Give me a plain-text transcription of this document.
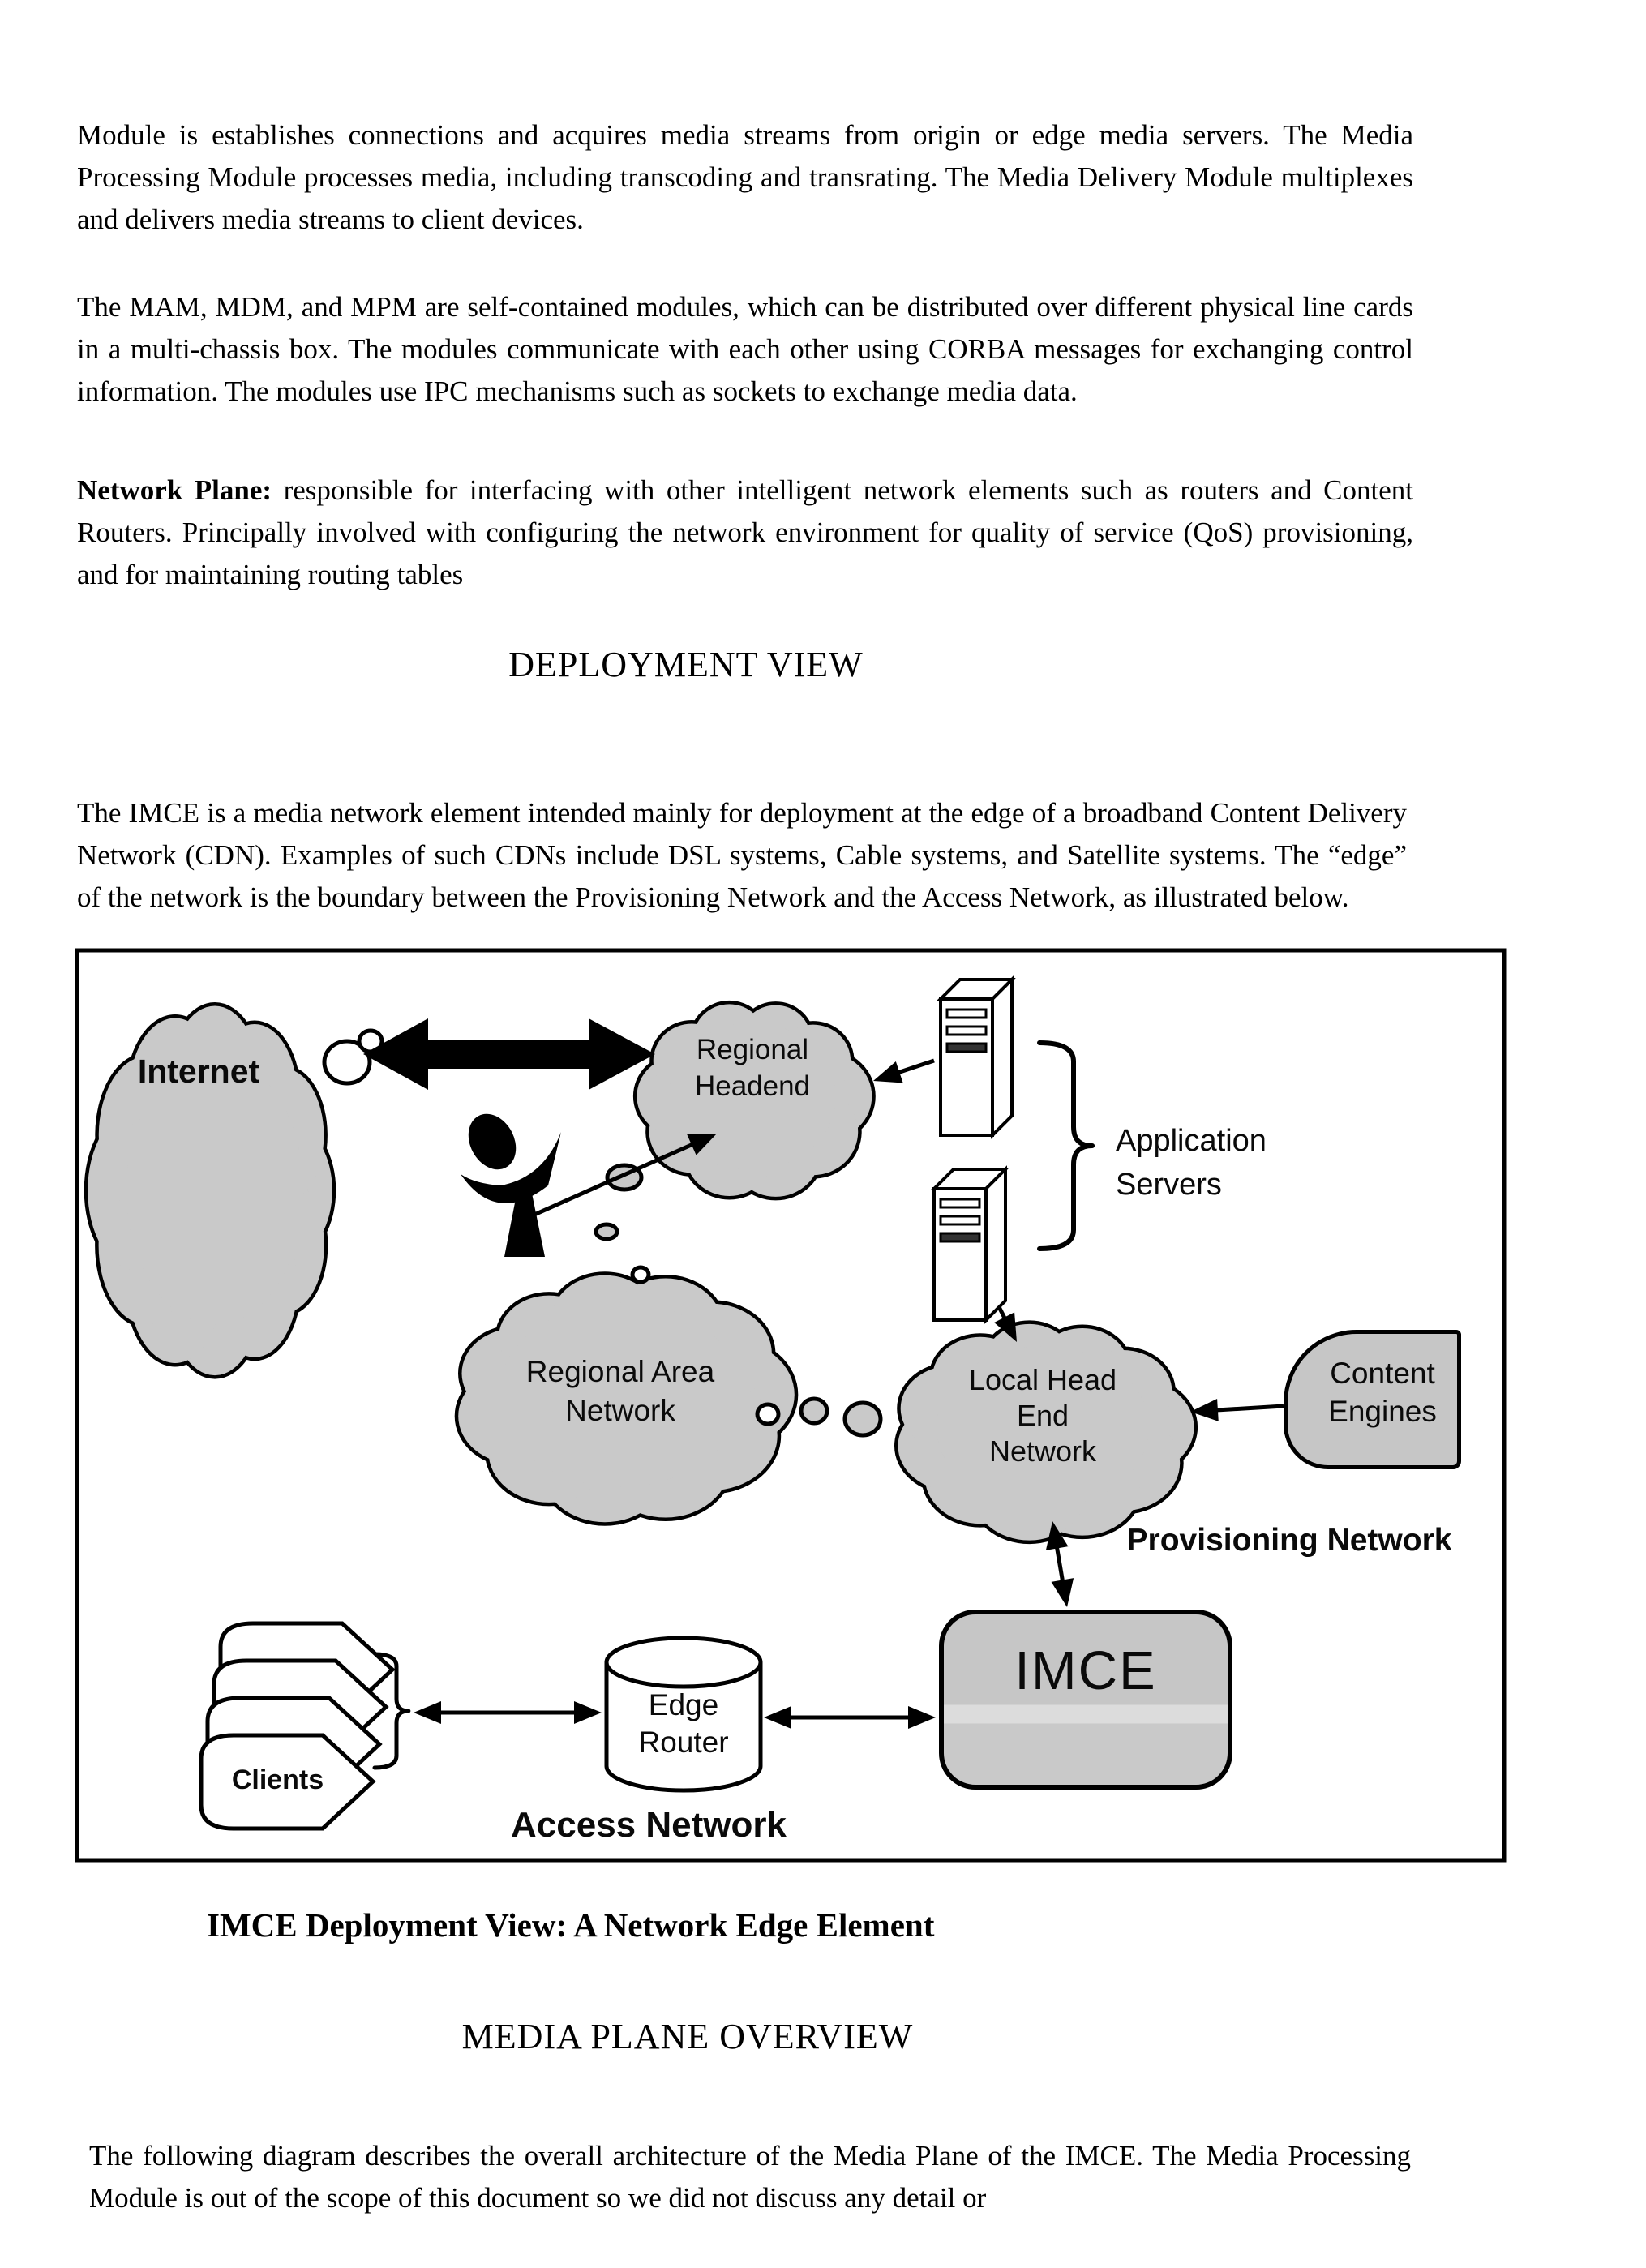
Module is establishes connections and acquires media streams from origin or edge media servers. The Media Processing Module processes media, including transcoding and transrating. The Media Delivery Module multiplexes and delivers media streams to client devices.

The MAM, MDM, and MPM are self-contained modules, which can be distributed over different physical line cards in a multi-chassis box. The modules communicate with each other using CORBA messages for exchanging control information. The modules use IPC mechanisms such as sockets to exchange media data.

Network Plane: responsible for interfacing with other intelligent network elements such as routers and Content Routers. Principally involved with configuring the network environment for quality of service (QoS) provisioning, and for maintaining routing tables

DEPLOYMENT VIEW

The IMCE is a media network element intended mainly for deployment at the edge of a broadband Content Delivery Network (CDN). Examples of such CDNs include DSL systems, Cable systems, and Satellite systems. The “edge” of the network is the boundary between the Provisioning Network and the Access Network, as illustrated below.

IMCE Deployment View: A Network Edge Element
MEDIA PLANE OVERVIEW

The following diagram describes the overall architecture of the Media Plane of the IMCE. The Media Processing Module is out of the scope of this document so we did not discuss any detail or

Internet
Regional
Headend
Application
Servers
Regional Area
Network
Local Head
End
Network
Content
Engines
Provisioning Network
IMCE
Clients
Edge
Router
Access Network
